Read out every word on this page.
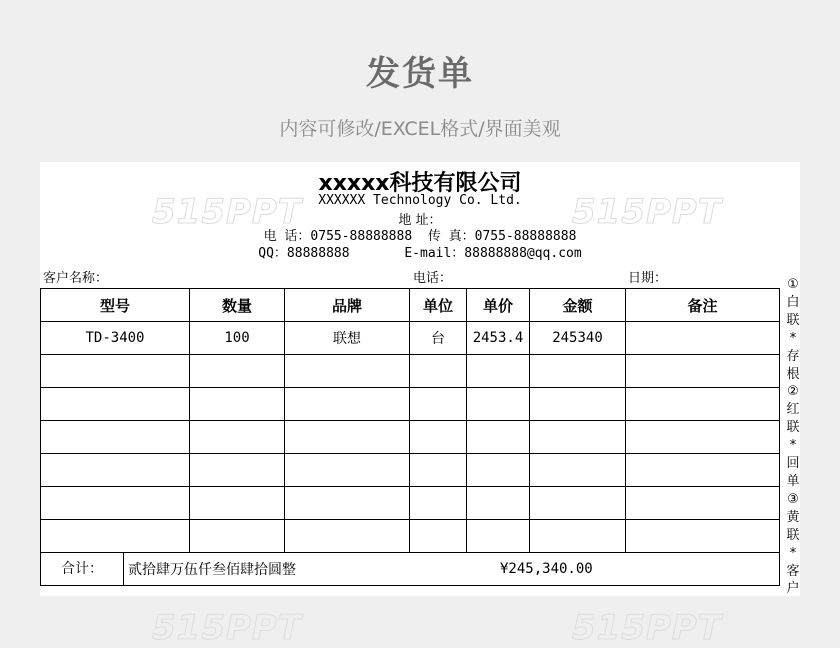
发货单
内容可修改/EXCEL格式/界面美观
515PPT	515PPT
xxxxx科技有限公司
XXXXXX Technology Co. Ltd.
地 址：
电 话：0755-88888888  传 真：0755-88888888
QQ：88888888       E-mail：88888888@qq.com
客户名称：	电话：	日期：
型号	数量	品牌	单位	单价	金额	备注
TD-3400	100	联想	台	2453.4	245340	

合计： 贰拾肆万伍仟叁佰肆拾圆整 ¥245,340.00						
①
白
联
*
存
根
②
红
联
*
回
单
③
黄
联
*
客
户
515PPT	515PPT
